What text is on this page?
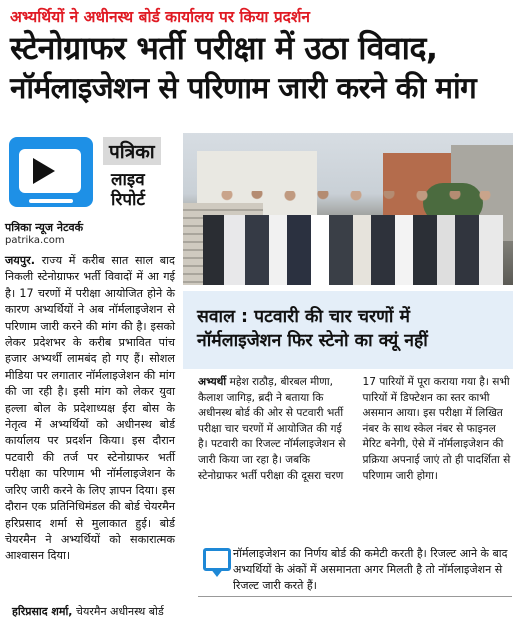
अभ्यर्थियों ने अधीनस्थ बोर्ड कार्यालय पर किया प्रदर्शन
स्टेनोग्राफर भर्ती परीक्षा में उठा विवाद,
नॉर्मलाइजेशन से परिणाम जारी करने की मांग
पत्रिका
लाइव
रिपोर्ट
पत्रिका न्यूज नेटवर्क
patrika.com

जयपुर. राज्य में करीब सात साल बाद निकली स्टेनोग्राफर भर्ती विवादों में आ गई है। 17 चरणों में परीक्षा आयोजित होने के कारण अभ्यर्थियों ने अब नॉर्मलाइजेशन से परिणाम जारी करने की मांग की है। इसको लेकर प्रदेशभर के करीब प्रभावित पांच हजार अभ्यर्थी लामबंद हो गए हैं। सोशल मीडिया पर लगातार नॉर्मलाइजेशन की मांग की जा रही है। इसी मांग को लेकर युवा हल्ला बोल के प्रदेशाध्यक्ष ईरा बोस के नेतृत्व में अभ्यर्थियों को अधीनस्थ बोर्ड कार्यालय पर प्रदर्शन किया। इस दौरान पटवारी की तर्ज पर स्टेनोग्राफर भर्ती परीक्षा का परिणाम भी नॉर्मलाइजेशन के जरिए जारी करने के लिए ज्ञापन दिया। इस दौरान एक प्रतिनिधिमंडल की बोर्ड चेयरमैन हरिप्रसाद शर्मा से मुलाकात हुई। बोर्ड चेयरमैन ने अभ्यर्थियों को सकारात्मक आश्वासन दिया।

सवाल : पटवारी की चार चरणों में
नॉर्मलाइजेशन फिर स्टेनो का क्यूं नहीं

अभ्यर्थी महेश राठौड़, बीरबल मीणा, कैलाश जागिड़, ब्रदी ने बताया कि अधीनस्थ बोर्ड की ओर से पटवारी भर्ती परीक्षा चार चरणों में आयोजित की गई है। पटवारी का रिजल्ट नॉर्मलाइजेशन से जारी किया जा रहा है। जबकि स्टेनोग्राफर भर्ती परीक्षा की दूसरा चरण 17 पारियों में पूरा कराया गया है। सभी पारियों में डिफ्टेशन का स्तर काभी असमान आया। इस परीक्षा में लिखित नंबर के साथ स्केल नंबर से फाइनल मेरिट बनेगी, ऐसे में नॉर्मलाइजेशन की प्रक्रिया अपनाई जाएं तो ही पादर्शिता से परिणाम जारी होगा।

नॉर्मलाइजेशन का निर्णय बोर्ड की कमेटी करती है। रिजल्ट आने के बाद अभ्यर्थियों के अंकों में असमानता अगर मिलती है तो नॉर्मलाइजेशन से रिजल्ट जारी करते हैं।

हरिप्रसाद शर्मा, चेयरमैन अधीनस्थ बोर्ड
